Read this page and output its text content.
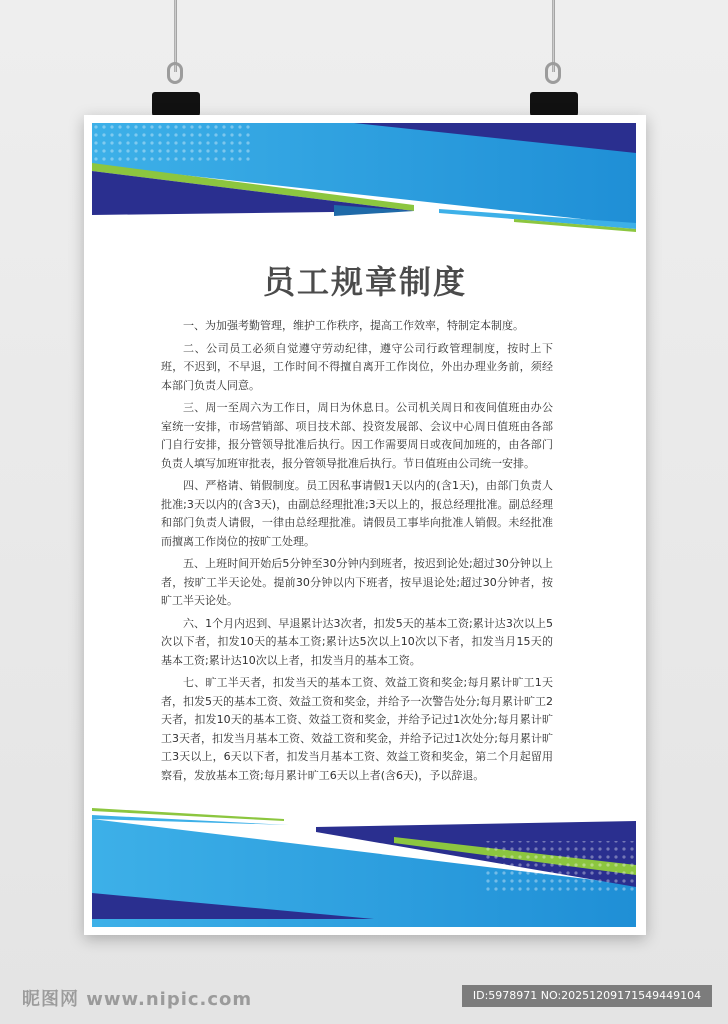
员工规章制度

一、为加强考勤管理，维护工作秩序，提高工作效率，特制定本制度。

二、公司员工必须自觉遵守劳动纪律，遵守公司行政管理制度，按时上下班，不迟到，不早退，工作时间不得擅自离开工作岗位，外出办理业务前，须经本部门负责人同意。

三、周一至周六为工作日，周日为休息日。公司机关周日和夜间值班由办公室统一安排，市场营销部、项目技术部、投资发展部、会议中心周日值班由各部门自行安排，报分管领导批准后执行。因工作需要周日或夜间加班的，由各部门负责人填写加班审批表，报分管领导批准后执行。节日值班由公司统一安排。

四、严格请、销假制度。员工因私事请假1天以内的(含1天)，由部门负责人批准;3天以内的(含3天)，由副总经理批准;3天以上的，报总经理批准。副总经理和部门负责人请假，一律由总经理批准。请假员工事毕向批准人销假。未经批准而擅离工作岗位的按旷工处理。

五、上班时间开始后5分钟至30分钟内到班者，按迟到论处;超过30分钟以上者，按旷工半天论处。提前30分钟以内下班者，按早退论处;超过30分钟者，按旷工半天论处。

六、1个月内迟到、早退累计达3次者，扣发5天的基本工资;累计达3次以上5次以下者，扣发10天的基本工资;累计达5次以上10次以下者，扣发当月15天的基本工资;累计达10次以上者，扣发当月的基本工资。

七、旷工半天者，扣发当天的基本工资、效益工资和奖金;每月累计旷工1天者，扣发5天的基本工资、效益工资和奖金，并给予一次警告处分;每月累计旷工2天者，扣发10天的基本工资、效益工资和奖金，并给予记过1次处分;每月累计旷工3天者，扣发当月基本工资、效益工资和奖金，并给予记过1次处分;每月累计旷工3天以上，6天以下者，扣发当月基本工资、效益工资和奖金，第二个月起留用察看，发放基本工资;每月累计旷工6天以上者(含6天)，予以辞退。

昵图网 www.nipic.com	ID:5978971 NO:20251209171549449104
